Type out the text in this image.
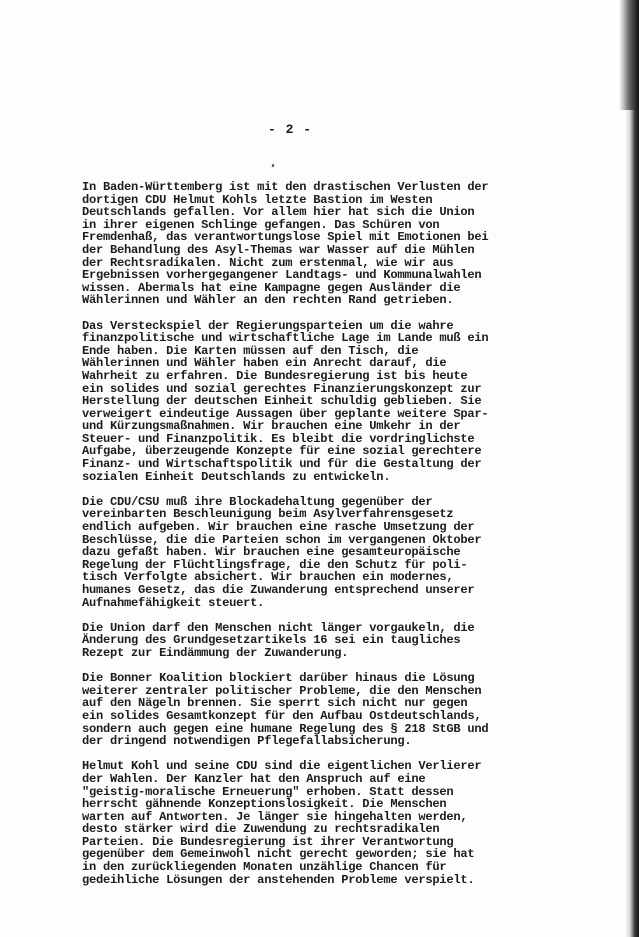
- 2 -
In Baden-Württemberg ist mit den drastischen Verlusten der
dortigen CDU Helmut Kohls letzte Bastion im Westen
Deutschlands gefallen. Vor allem hier hat sich die Union
in ihrer eigenen Schlinge gefangen. Das Schüren von
Fremdenhaß, das verantwortungslose Spiel mit Emotionen bei
der Behandlung des Asyl-Themas war Wasser auf die Mühlen
der Rechtsradikalen. Nicht zum erstenmal, wie wir aus
Ergebnissen vorhergegangener Landtags- und Kommunalwahlen
wissen. Abermals hat eine Kampagne gegen Ausländer die
Wählerinnen und Wähler an den rechten Rand getrieben.
Das Versteckspiel der Regierungsparteien um die wahre
finanzpolitische und wirtschaftliche Lage im Lande muß ein
Ende haben. Die Karten müssen auf den Tisch, die
Wählerinnen und Wähler haben ein Anrecht darauf, die
Wahrheit zu erfahren. Die Bundesregierung ist bis heute
ein solides und sozial gerechtes Finanzierungskonzept zur
Herstellung der deutschen Einheit schuldig geblieben. Sie
verweigert eindeutige Aussagen über geplante weitere Spar-
und Kürzungsmaßnahmen. Wir brauchen eine Umkehr in der
Steuer- und Finanzpolitik. Es bleibt die vordringlichste
Aufgabe, überzeugende Konzepte für eine sozial gerechtere
Finanz- und Wirtschaftspolitik und für die Gestaltung der
sozialen Einheit Deutschlands zu entwickeln.
Die CDU/CSU muß ihre Blockadehaltung gegenüber der
vereinbarten Beschleunigung beim Asylverfahrensgesetz
endlich aufgeben. Wir brauchen eine rasche Umsetzung der
Beschlüsse, die die Parteien schon im vergangenen Oktober
dazu gefaßt haben. Wir brauchen eine gesamteuropäische
Regelung der Flüchtlingsfrage, die den Schutz für poli-
tisch Verfolgte absichert. Wir brauchen ein modernes,
humanes Gesetz, das die Zuwanderung entsprechend unserer
Aufnahmefähigkeit steuert.
Die Union darf den Menschen nicht länger vorgaukeln, die
Änderung des Grundgesetzartikels 16 sei ein taugliches
Rezept zur Eindämmung der Zuwanderung.
Die Bonner Koalition blockiert darüber hinaus die Lösung
weiterer zentraler politischer Probleme, die den Menschen
auf den Nägeln brennen. Sie sperrt sich nicht nur gegen
ein solides Gesamtkonzept für den Aufbau Ostdeutschlands,
sondern auch gegen eine humane Regelung des § 218 StGB und
der dringend notwendigen Pflegefallabsicherung.
Helmut Kohl und seine CDU sind die eigentlichen Verlierer
der Wahlen. Der Kanzler hat den Anspruch auf eine
"geistig-moralische Erneuerung" erhoben. Statt dessen
herrscht gähnende Konzeptionslosigkeit. Die Menschen
warten auf Antworten. Je länger sie hingehalten werden,
desto stärker wird die Zuwendung zu rechtsradikalen
Parteien. Die Bundesregierung ist ihrer Verantwortung
gegenüber dem Gemeinwohl nicht gerecht geworden; sie hat
in den zurückliegenden Monaten unzählige Chancen für
gedeihliche Lösungen der anstehenden Probleme verspielt.
